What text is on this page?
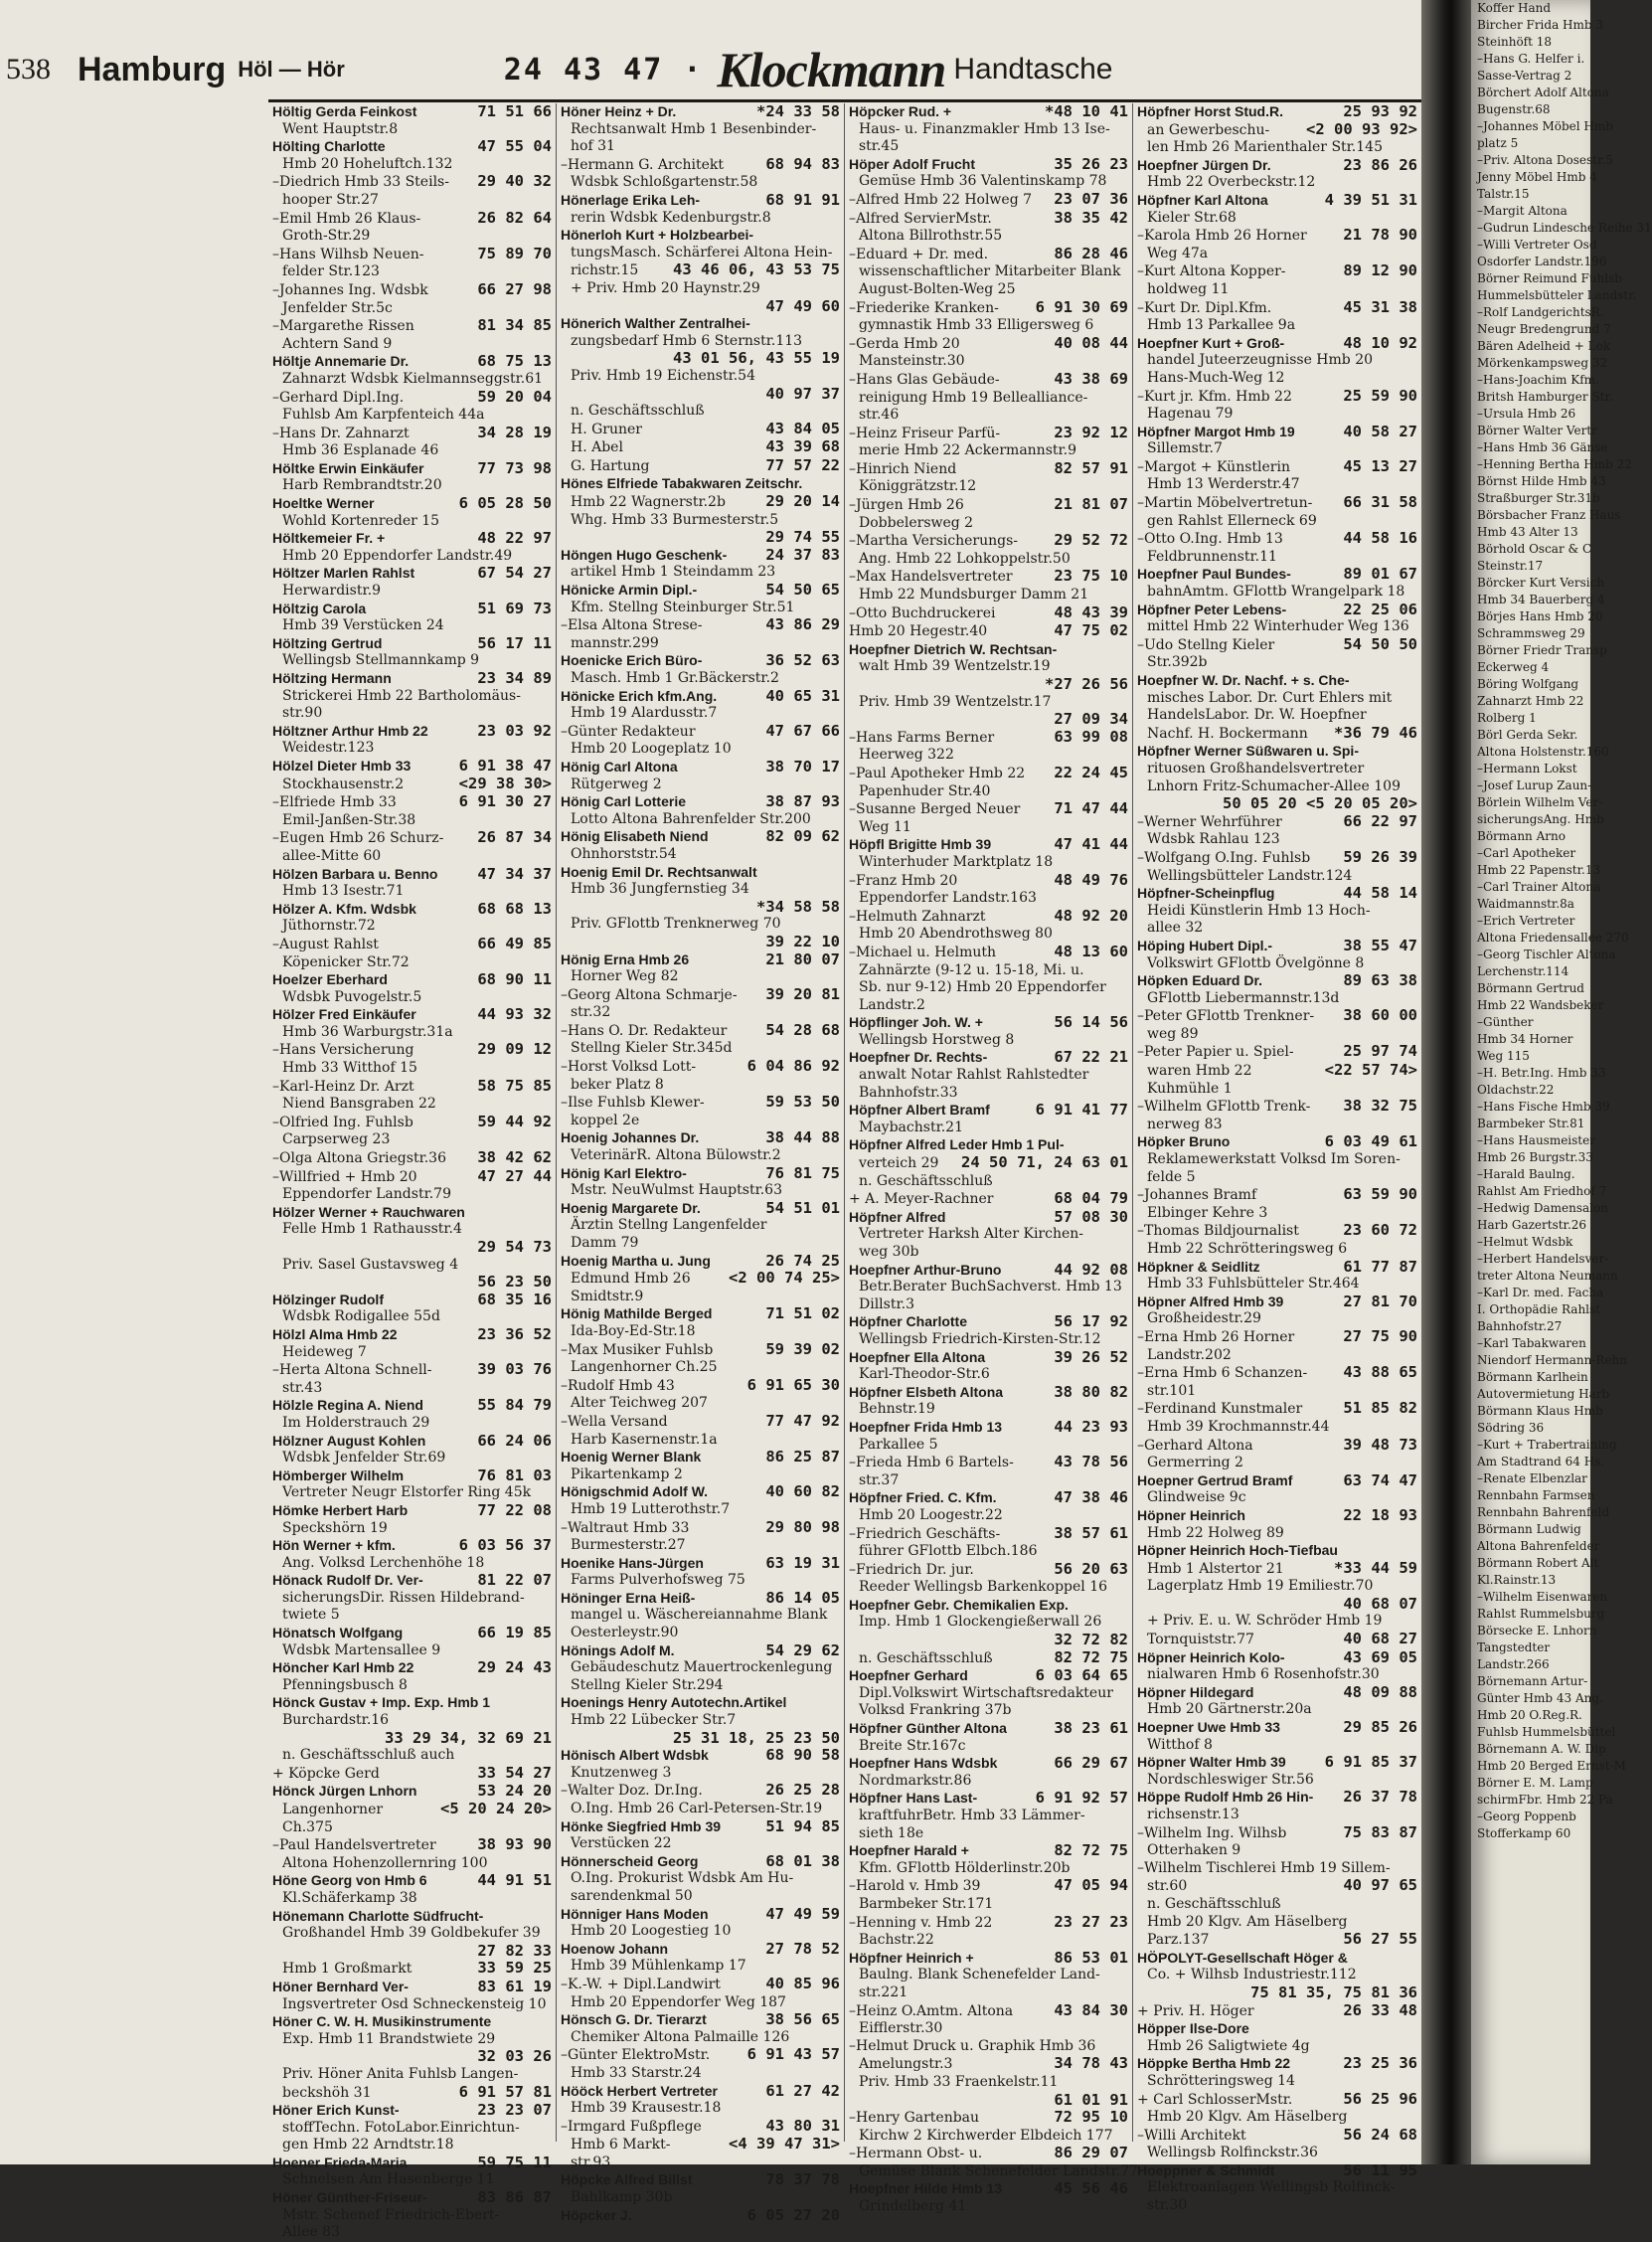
538 Hamburg Höl — Hör	24 43 47 · Klockmann Handtasche
Höltig Gerda Feinkost	71 51 66
Went Hauptstr.8
Hölting Charlotte	47 55 04
Hmb 20 Hoheluftch.132
–Diedrich Hmb 33 Steils-	29 40 32
hooper Str.27
–Emil Hmb 26 Klaus-	26 82 64
Groth-Str.29
–Hans Wilhsb Neuen-	75 89 70
felder Str.123
–Johannes Ing. Wdsbk	66 27 98
Jenfelder Str.5c
–Margarethe Rissen	81 34 85
Achtern Sand 9
Höltje Annemarie Dr.	68 75 13
Zahnarzt Wdsbk Kielmannseggstr.61
–Gerhard Dipl.Ing.	59 20 04
Fuhlsb Am Karpfenteich 44a
–Hans Dr. Zahnarzt	34 28 19
Hmb 36 Esplanade 46
Höltke Erwin Einkäufer	77 73 98
Harb Rembrandtstr.20
Hoeltke Werner	6 05 28 50
Wohld Kortenreder 15
Höltkemeier Fr. +	48 22 97
Hmb 20 Eppendorfer Landstr.49
Höltzer Marlen Rahlst	67 54 27
Herwardistr.9
Höltzig Carola	51 69 73
Hmb 39 Verstücken 24
Höltzing Gertrud	56 17 11
Wellingsb Stellmannkamp 9
Höltzing Hermann	23 34 89
Strickerei Hmb 22 Bartholomäus-
str.90
Höltzner Arthur Hmb 22	23 03 92
Weidestr.123
Hölzel Dieter Hmb 33	6 91 38 47
Stockhausenstr.2	<29 38 30>
–Elfriede Hmb 33	6 91 30 27
Emil-Janßen-Str.38
–Eugen Hmb 26 Schurz-	26 87 34
allee-Mitte 60
Hölzen Barbara u. Benno	47 34 37
Hmb 13 Isestr.71
Hölzer A. Kfm. Wdsbk	68 68 13
Jüthornstr.72
–August Rahlst	66 49 85
Köpenicker Str.72
Hoelzer Eberhard	68 90 11
Wdsbk Puvogelstr.5
Hölzer Fred Einkäufer	44 93 32
Hmb 36 Warburgstr.31a
–Hans Versicherung	29 09 12
Hmb 33 Witthof 15
–Karl-Heinz Dr. Arzt	58 75 85
Niend Bansgraben 22
–Olfried Ing. Fuhlsb	59 44 92
Carpserweg 23
–Olga Altona Griegstr.36	38 42 62
–Willfried + Hmb 20	47 27 44
Eppendorfer Landstr.79
Hölzer Werner + Rauchwaren
Felle Hmb 1 Rathausstr.4
29 54 73
Priv. Sasel Gustavsweg 4
56 23 50
Hölzinger Rudolf	68 35 16
Wdsbk Rodigallee 55d
Hölzl Alma Hmb 22	23 36 52
Heideweg 7
–Herta Altona Schnell-	39 03 76
str.43
Hölzle Regina A. Niend	55 84 79
Im Holderstrauch 29
Hölzner August Kohlen	66 24 06
Wdsbk Jenfelder Str.69
Hömberger Wilhelm	76 81 03
Vertreter Neugr Elstorfer Ring 45k
Hömke Herbert Harb	77 22 08
Speckshörn 19
Hön Werner + kfm.	6 03 56 37
Ang. Volksd Lerchenhöhe 18
Hönack Rudolf Dr. Ver-	81 22 07
sicherungsDir. Rissen Hildebrand-
twiete 5
Hönatsch Wolfgang	66 19 85
Wdsbk Martensallee 9
Höncher Karl Hmb 22	29 24 43
Pfenningsbusch 8
Hönck Gustav + Imp. Exp. Hmb 1
Burchardstr.16
33 29 34, 32 69 21
n. Geschäftsschluß auch
+ Köpcke Gerd	33 54 27
Hönck Jürgen Lnhorn	53 24 20
Langenhorner	<5 20 24 20>
Ch.375
–Paul Handelsvertreter	38 93 90
Altona Hohenzollernring 100
Höne Georg von Hmb 6	44 91 51
Kl.Schäferkamp 38
Hönemann Charlotte Südfrucht-
Großhandel Hmb 39 Goldbekufer 39
27 82 33
Hmb 1 Großmarkt	33 59 25
Höner Bernhard Ver-	83 61 19
Ingsvertreter Osd Schneckensteig 10
Höner C. W. H. Musikinstrumente
Exp. Hmb 11 Brandstwiete 29
32 03 26
Priv. Höner Anita Fuhlsb Langen-
beckshöh 31	6 91 57 81
Höner Erich Kunst-	23 23 07
stoffTechn. FotoLabor.Einrichtun-
gen Hmb 22 Arndtstr.18
Hoener Frieda-Maria	59 75 11
Schnelsen Am Hasenberge 11
Höner Günther-Friseur-	83 86 87
Mstr. Schenef Friedrich-Ebert-
Allee 83
Höner Heinz + Dr.	*24 33 58
Rechtsanwalt Hmb 1 Besenbinder-
hof 31
–Hermann G. Architekt	68 94 83
Wdsbk Schloßgartenstr.58
Hönerlage Erika Leh-	68 91 91
rerin Wdsbk Kedenburgstr.8
Hönerloh Kurt + Holzbearbei-
tungsMasch. Schärferei Altona Hein-
richstr.15	43 46 06, 43 53 75
+ Priv. Hmb 20 Haynstr.29
47 49 60
Hönerich Walther Zentralhei-
zungsbedarf Hmb 6 Sternstr.113
43 01 56, 43 55 19
Priv. Hmb 19 Eichenstr.54
40 97 37
n. Geschäftsschluß
H. Gruner	43 84 05
H. Abel	43 39 68
G. Hartung	77 57 22
Hönes Elfriede Tabakwaren Zeitschr.
Hmb 22 Wagnerstr.2b	29 20 14
Whg. Hmb 33 Burmesterstr.5
29 74 55
Höngen Hugo Geschenk-	24 37 83
artikel Hmb 1 Steindamm 23
Hönicke Armin Dipl.-	54 50 65
Kfm. Stellng Steinburger Str.51
–Elsa Altona Strese-	43 86 29
mannstr.299
Hoenicke Erich Büro-	36 52 63
Masch. Hmb 1 Gr.Bäckerstr.2
Hönicke Erich kfm.Ang.	40 65 31
Hmb 19 Alardusstr.7
–Günter Redakteur	47 67 66
Hmb 20 Loogeplatz 10
Hönig Carl Altona	38 70 17
Rütgerweg 2
Hönig Carl Lotterie	38 87 93
Lotto Altona Bahrenfelder Str.200
Hönig Elisabeth Niend	82 09 62
Ohnhorststr.54
Hoenig Emil Dr. Rechtsanwalt
Hmb 36 Jungfernstieg 34
*34 58 58
Priv. GFlottb Trenknerweg 70
39 22 10
Hönig Erna Hmb 26	21 80 07
Horner Weg 82
–Georg Altona Schmarje-	39 20 81
str.32
–Hans O. Dr. Redakteur	54 28 68
Stellng Kieler Str.345d
–Horst Volksd Lott-	6 04 86 92
beker Platz 8
–Ilse Fuhlsb Klewer-	59 53 50
koppel 2e
Hoenig Johannes Dr.	38 44 88
VeterinärR. Altona Bülowstr.2
Hönig Karl Elektro-	76 81 75
Mstr. NeuWulmst Hauptstr.63
Hoenig Margarete Dr.	54 51 01
Ärztin Stellng Langenfelder
Damm 79
Hoenig Martha u. Jung	26 74 25
Edmund Hmb 26	<2 00 74 25>
Smidtstr.9
Hönig Mathilde Berged	71 51 02
Ida-Boy-Ed-Str.18
–Max Musiker Fuhlsb	59 39 02
Langenhorner Ch.25
–Rudolf Hmb 43	6 91 65 30
Alter Teichweg 207
–Wella Versand	77 47 92
Harb Kasernenstr.1a
Hoenig Werner Blank	86 25 87
Pikartenkamp 2
Hönigschmid Adolf W.	40 60 82
Hmb 19 Lutterothstr.7
–Waltraut Hmb 33	29 80 98
Burmesterstr.27
Hoenike Hans-Jürgen	63 19 31
Farms Pulverhofsweg 75
Höninger Erna Heiß-	86 14 05
mangel u. Wäschereiannahme Blank
Oesterleystr.90
Hönings Adolf M.	54 29 62
Gebäudeschutz Mauertrockenlegung
Stellng Kieler Str.294
Hoenings Henry Autotechn.Artikel
Hmb 22 Lübecker Str.7
25 31 18, 25 23 50
Hönisch Albert Wdsbk	68 90 58
Knutzenweg 3
–Walter Doz. Dr.Ing.	26 25 28
O.Ing. Hmb 26 Carl-Petersen-Str.19
Hönke Siegfried Hmb 39	51 94 85
Verstücken 22
Hönnerscheid Georg	68 01 38
O.Ing. Prokurist Wdsbk Am Hu-
sarendenkmal 50
Hönniger Hans Moden	47 49 59
Hmb 20 Loogestieg 10
Hoenow Johann	27 78 52
Hmb 39 Mühlenkamp 17
–K.-W. + Dipl.Landwirt	40 85 96
Hmb 20 Eppendorfer Weg 187
Hönsch G. Dr. Tierarzt	38 56 65
Chemiker Altona Palmaille 126
–Günter ElektroMstr.	6 91 43 57
Hmb 33 Starstr.24
Hööck Herbert Vertreter	61 27 42
Hmb 39 Krausestr.18
–Irmgard Fußpflege	43 80 31
Hmb 6 Markt-	<4 39 47 31>
str.93
Höpcke Alfred Billst	78 37 78
Bahlkamp 30b
Höpcker J.	6 05 27 20
Höpcker Rud. +	*48 10 41
Haus- u. Finanzmakler Hmb 13 Ise-
str.45
Höper Adolf Frucht	35 26 23
Gemüse Hmb 36 Valentinskamp 78
–Alfred Hmb 22 Holweg 7	23 07 36
–Alfred ServierMstr.	38 35 42
Altona Billrothstr.55
–Eduard + Dr. med.	86 28 46
wissenschaftlicher Mitarbeiter Blank
August-Bolten-Weg 25
–Friederike Kranken-	6 91 30 69
gymnastik Hmb 33 Elligersweg 6
–Gerda Hmb 20	40 08 44
Mansteinstr.30
–Hans Glas Gebäude-	43 38 69
reinigung Hmb 19 Bellealliance-
str.46
–Heinz Friseur Parfü-	23 92 12
merie Hmb 22 Ackermannstr.9
–Hinrich Niend	82 57 91
Königgrätzstr.12
–Jürgen Hmb 26	21 81 07
Dobbelersweg 2
–Martha Versicherungs-	29 52 72
Ang. Hmb 22 Lohkoppelstr.50
–Max Handelsvertreter	23 75 10
Hmb 22 Mundsburger Damm 21
–Otto Buchdruckerei	48 43 39
Hmb 20 Hegestr.40	47 75 02
Hoepfner Dietrich W. Rechtsan-
walt Hmb 39 Wentzelstr.19
*27 26 56
Priv. Hmb 39 Wentzelstr.17
27 09 34
–Hans Farms Berner	63 99 08
Heerweg 322
–Paul Apotheker Hmb 22	22 24 45
Papenhuder Str.40
–Susanne Berged Neuer	71 47 44
Weg 11
Höpfl Brigitte Hmb 39	47 41 44
Winterhuder Marktplatz 18
–Franz Hmb 20	48 49 76
Eppendorfer Landstr.163
–Helmuth Zahnarzt	48 92 20
Hmb 20 Abendrothsweg 80
–Michael u. Helmuth	48 13 60
Zahnärzte (9-12 u. 15-18, Mi. u.
Sb. nur 9-12) Hmb 20 Eppendorfer
Landstr.2
Höpflinger Joh. W. +	56 14 56
Wellingsb Horstweg 8
Hoepfner Dr. Rechts-	67 22 21
anwalt Notar Rahlst Rahlstedter
Bahnhofstr.33
Höpfner Albert Bramf	6 91 41 77
Maybachstr.21
Höpfner Alfred Leder Hmb 1 Pul-
verteich 29	24 50 71, 24 63 01
n. Geschäftsschluß
+ A. Meyer-Rachner	68 04 79
Höpfner Alfred	57 08 30
Vertreter Harksh Alter Kirchen-
weg 30b
Hoepfner Arthur-Bruno	44 92 08
Betr.Berater BuchSachverst. Hmb 13
Dillstr.3
Höpfner Charlotte	56 17 92
Wellingsb Friedrich-Kirsten-Str.12
Hoepfner Ella Altona	39 26 52
Karl-Theodor-Str.6
Höpfner Elsbeth Altona	38 80 82
Behnstr.19
Hoepfner Frida Hmb 13	44 23 93
Parkallee 5
–Frieda Hmb 6 Bartels-	43 78 56
str.37
Höpfner Fried. C. Kfm.	47 38 46
Hmb 20 Loogestr.22
–Friedrich Geschäfts-	38 57 61
führer GFlottb Elbch.186
–Friedrich Dr. jur.	56 20 63
Reeder Wellingsb Barkenkoppel 16
Hoepfner Gebr. Chemikalien Exp.
Imp. Hmb 1 Glockengießerwall 26
32 72 82
n. Geschäftsschluß	82 72 75
Hoepfner Gerhard	6 03 64 65
Dipl.Volkswirt Wirtschaftsredakteur
Volksd Frankring 37b
Höpfner Günther Altona	38 23 61
Breite Str.167c
Hoepfner Hans Wdsbk	66 29 67
Nordmarkstr.86
Höpfner Hans Last-	6 91 92 57
kraftfuhrBetr. Hmb 33 Lämmer-
sieth 18e
Hoepfner Harald +	82 72 75
Kfm. GFlottb Hölderlinstr.20b
–Harold v. Hmb 39	47 05 94
Barmbeker Str.171
–Henning v. Hmb 22	23 27 23
Bachstr.22
Höpfner Heinrich +	86 53 01
Baulng. Blank Schenefelder Land-
str.221
–Heinz O.Amtm. Altona	43 84 30
Eifflerstr.30
–Helmut Druck u. Graphik Hmb 36
Amelungstr.3	34 78 43
Priv. Hmb 33 Fraenkelstr.11
61 01 91
–Henry Gartenbau	72 95 10
Kirchw 2 Kirchwerder Elbdeich 177
–Hermann Obst- u.	86 29 07
Gemüse Blank Schenefelder Landstr.77
Hoepfner Hilde Hmb 13	45 56 46
Grindelberg 41
Höpfner Horst Stud.R.	25 93 92
an Gewerbeschu-	<2 00 93 92>
len Hmb 26 Marienthaler Str.145
Hoepfner Jürgen Dr.	23 86 26
Hmb 22 Overbeckstr.12
Höpfner Karl Altona	4 39 51 31
Kieler Str.68
–Karola Hmb 26 Horner	21 78 90
Weg 47a
–Kurt Altona Kopper-	89 12 90
holdweg 11
–Kurt Dr. Dipl.Kfm.	45 31 38
Hmb 13 Parkallee 9a
Hoepfner Kurt + Groß-	48 10 92
handel Juteerzeugnisse Hmb 20
Hans-Much-Weg 12
–Kurt jr. Kfm. Hmb 22	25 59 90
Hagenau 79
Höpfner Margot Hmb 19	40 58 27
Sillemstr.7
–Margot + Künstlerin	45 13 27
Hmb 13 Werderstr.47
–Martin Möbelvertretun-	66 31 58
gen Rahlst Ellerneck 69
–Otto O.Ing. Hmb 13	44 58 16
Feldbrunnenstr.11
Hoepfner Paul Bundes-	89 01 67
bahnAmtm. GFlottb Wrangelpark 18
Höpfner Peter Lebens-	22 25 06
mittel Hmb 22 Winterhuder Weg 136
–Udo Stellng Kieler	54 50 50
Str.392b
Hoepfner W. Dr. Nachf. + s. Che-
misches Labor. Dr. Curt Ehlers mit
HandelsLabor. Dr. W. Hoepfner
Nachf. H. Bockermann	*36 79 46
Höpfner Werner Süßwaren u. Spi-
rituosen Großhandelsvertreter
Lnhorn Fritz-Schumacher-Allee 109
50 05 20 <5 20 05 20>
–Werner Wehrführer	66 22 97
Wdsbk Rahlau 123
–Wolfgang O.Ing. Fuhlsb	59 26 39
Wellingsbütteler Landstr.124
Höpfner-Scheinpflug	44 58 14
Heidi Künstlerin Hmb 13 Hoch-
allee 32
Höping Hubert Dipl.-	38 55 47
Volkswirt GFlottb Övelgönne 8
Höpken Eduard Dr.	89 63 38
GFlottb Liebermannstr.13d
–Peter GFlottb Trenkner-	38 60 00
weg 89
–Peter Papier u. Spiel-	25 97 74
waren Hmb 22	<22 57 74>
Kuhmühle 1
–Wilhelm GFlottb Trenk-	38 32 75
nerweg 83
Höpker Bruno	6 03 49 61
Reklamewerkstatt Volksd Im Soren-
felde 5
–Johannes Bramf	63 59 90
Elbinger Kehre 3
–Thomas Bildjournalist	23 60 72
Hmb 22 Schrötteringsweg 6
Höpkner & Seidlitz	61 77 87
Hmb 33 Fuhlsbütteler Str.464
Höpner Alfred Hmb 39	27 81 70
Großheidestr.29
–Erna Hmb 26 Horner	27 75 90
Landstr.202
–Erna Hmb 6 Schanzen-	43 88 65
str.101
–Ferdinand Kunstmaler	51 85 82
Hmb 39 Krochmannstr.44
–Gerhard Altona	39 48 73
Germerring 2
Hoepner Gertrud Bramf	63 74 47
Glindweise 9c
Höpner Heinrich	22 18 93
Hmb 22 Holweg 89
Höpner Heinrich Hoch-Tiefbau
Hmb 1 Alstertor 21	*33 44 59
Lagerplatz Hmb 19 Emiliestr.70
40 68 07
+ Priv. E. u. W. Schröder Hmb 19
Tornquiststr.77	40 68 27
Höpner Heinrich Kolo-	43 69 05
nialwaren Hmb 6 Rosenhofstr.30
Höpner Hildegard	48 09 88
Hmb 20 Gärtnerstr.20a
Hoepner Uwe Hmb 33	29 85 26
Witthof 8
Höpner Walter Hmb 39	6 91 85 37
Nordschleswiger Str.56
Höppe Rudolf Hmb 26 Hin-	26 37 78
richsenstr.13
–Wilhelm Ing. Wilhsb	75 83 87
Otterhaken 9
–Wilhelm Tischlerei Hmb 19 Sillem-
str.60	40 97 65
n. Geschäftsschluß
Hmb 20 Klgv. Am Häselberg
Parz.137	56 27 55
HÖPOLYT-Gesellschaft Höger &
Co. + Wilhsb Industriestr.112
75 81 35, 75 81 36
+ Priv. H. Höger	26 33 48
Höpper Ilse-Dore
Hmb 26 Saligtwiete 4g
Höppke Bertha Hmb 22	23 25 36
Schrötteringsweg 14
+ Carl SchlosserMstr.	56 25 96
Hmb 20 Klgv. Am Häselberg
–Willi Architekt	56 24 68
Wellingsb Rolfinckstr.36
Hoeppner & Schmidt	56 11 95
Elektroanlagen Wellingsb Rolfinck-
str.30
Koffer Hand
Bircher Frida Hmb 3
Steinhöft 18
–Hans G. Helfer i.
Sasse-Vertrag 2
Börchert Adolf Altona
Bugenstr.68
–Johannes Möbel Hmb
platz 5
–Priv. Altona Dosestr.5
Jenny Möbel Hmb 4
Talstr.15
–Margit Altona
–Gudrun Lindesche Reihe 31
–Willi Vertreter Osd
Osdorfer Landstr.196
Börner Reimund Fuhlsb
Hummelsbütteler Landstr.
–Rolf LandgerichtsR.
Neugr Bredengrund 7
Bären Adelheid + Lok
Mörkenkampsweg 32
–Hans-Joachim Kfm.
Britsh Hamburger Str.
–Ursula Hmb 26
Börner Walter Vertr
–Hans Hmb 36 Gänse
–Henning Bertha Hmb 22
Börnst Hilde Hmb 43
Straßburger Str.31b
Börsbacher Franz Haus
Hmb 43 Alter 13
Börhold Oscar & C
Steinstr.17
Börcker Kurt Versich
Hmb 34 Bauerberg 4
Börjes Hans Hmb 20
Schrammsweg 29
Börner Friedr Transp
Eckerweg 4
Böring Wolfgang
Zahnarzt Hmb 22
Rolberg 1
Börl Gerda Sekr.
Altona Holstenstr.160
–Hermann Lokst
–Josef Lurup Zaun-
Börlein Wilhelm Ver-
sicherungsAng. Hmb
Börmann Arno
–Carl Apotheker
Hmb 22 Papenstr.13
–Carl Trainer Altona
Waidmannstr.8a
–Erich Vertreter
Altona Friedensallee 270
–Georg Tischler Altona
Lerchenstr.114
Börmann Gertrud
Hmb 22 Wandsbeker
–Günther
Hmb 34 Horner
Weg 115
–H. Betr.Ing. Hmb 33
Oldachstr.22
–Hans Fische Hmb 39
Barmbeker Str.81
–Hans Hausmeister
Hmb 26 Burgstr.33
–Harald Baulng.
Rahlst Am Friedhof 7
–Hedwig Damensalon
Harb Gazertstr.26
–Helmut Wdsbk
–Herbert Handelsver-
treter Altona Neumann
–Karl Dr. med. Facha
I. Orthopädie Rahlst
Bahnhofstr.27
–Karl Tabakwaren
Niendorf Hermann-Rehn
Börmann Karlhein
Autovermietung Harb
Börmann Klaus Hmb
Södring 36
–Kurt + Trabertraining
Am Stadtrand 64 Hs.
–Renate Elbenzlar
Rennbahn Farmsen
Rennbahn Bahrenfeld
Börmann Ludwig
Altona Bahrenfelder
Börmann Robert Alt
Kl.Rainstr.13
–Wilhelm Eisenwaren
Rahlst Rummelsburg
Börsecke E. Lnhorn
Tangstedter
Landstr.266
Börnemann Artur-
Günter Hmb 43 Ang.
Hmb 20 O.Reg.R.
Fuhlsb Hummelsbüttel
Börnemann A. W. Dip
Hmb 20 Berged Ernst-M
Börner E. M. Lamp
schirmFbr. Hmb 22 Pa
–Georg Poppenb
Stofferkamp 60
